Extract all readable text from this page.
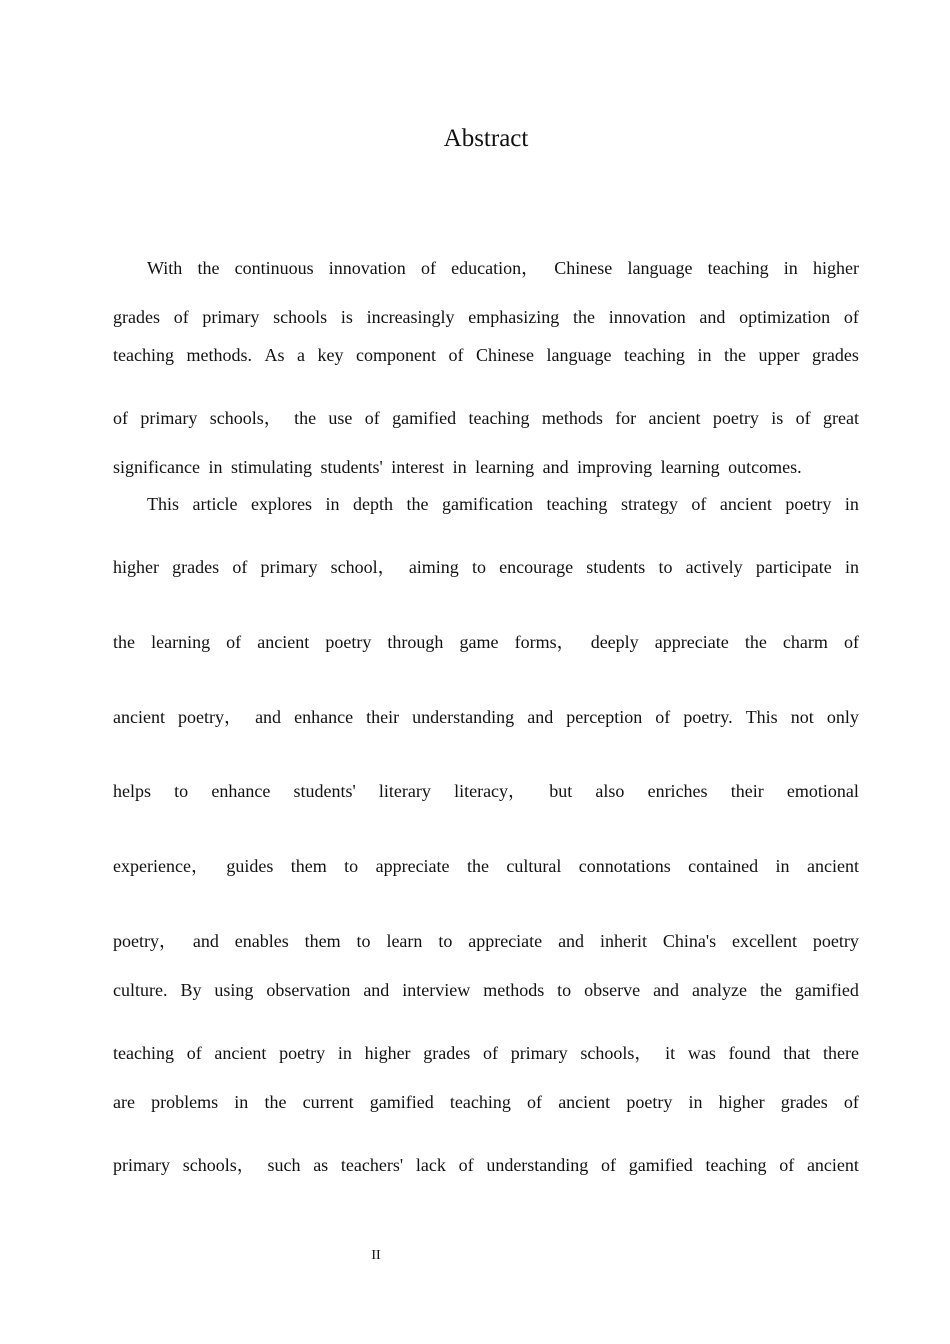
Abstract
With the continuous innovation of education， Chinese language teaching in higher
grades of primary schools is increasingly emphasizing the innovation and optimization of
teaching methods. As a key component of Chinese language teaching in the upper grades
of primary schools， the use of gamified teaching methods for ancient poetry is of great
significance in stimulating students' interest in learning and improving learning outcomes.
This article explores in depth the gamification teaching strategy of ancient poetry in
higher grades of primary school， aiming to encourage students to actively participate in
the learning of ancient poetry through game forms， deeply appreciate the charm of
ancient poetry， and enhance their understanding and perception of poetry. This not only
helps to enhance students' literary literacy， but also enriches their emotional
experience， guides them to appreciate the cultural connotations contained in ancient
poetry， and enables them to learn to appreciate and inherit China's excellent poetry
culture. By using observation and interview methods to observe and analyze the gamified
teaching of ancient poetry in higher grades of primary schools， it was found that there
are problems in the current gamified teaching of ancient poetry in higher grades of
primary schools， such as teachers' lack of understanding of gamified teaching of ancient
II
